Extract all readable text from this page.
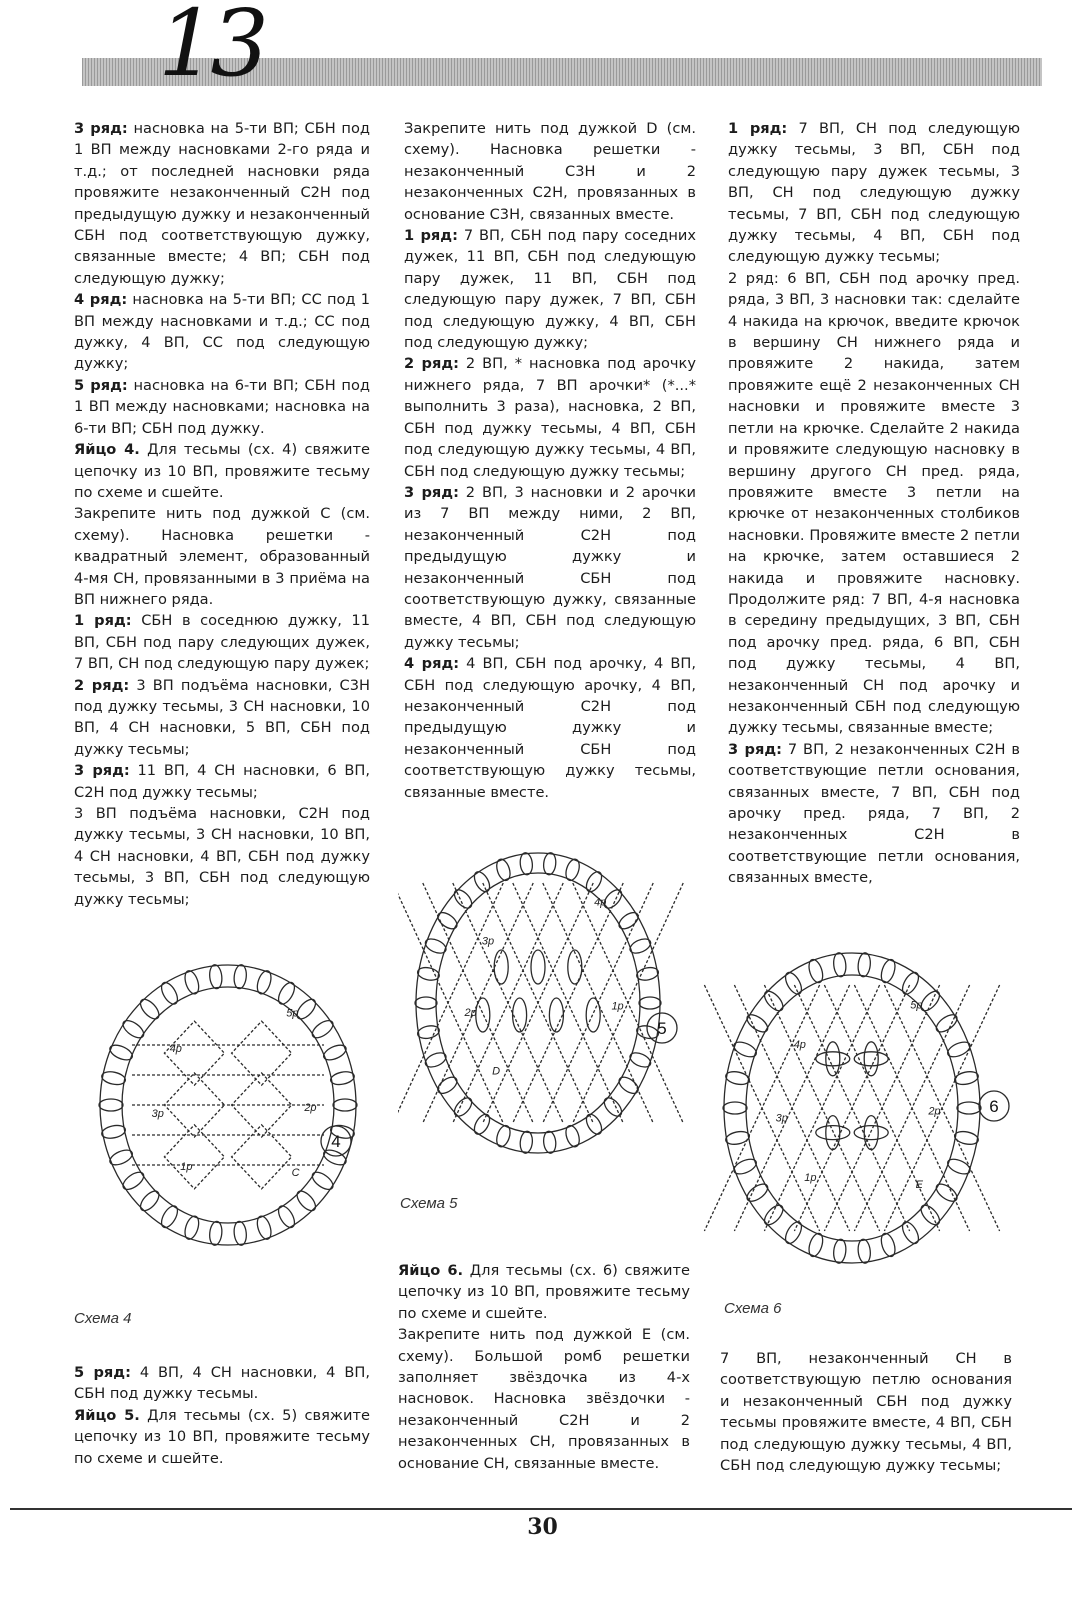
13

3 ряд: насновка на 5-ти ВП; СБН под 1 ВП между насновками 2-го ряда и т.д.; от последней насновки ряда провяжите незаконченный С2Н под предыдущую дужку и незаконченный СБН под соответствующую дужку, связанные вместе; 4 ВП; СБН под следующую дужку;

4 ряд: насновка на 5-ти ВП; СС под 1 ВП между насновками и т.д.; СС под дужку, 4 ВП, СС под следующую дужку;

5 ряд: насновка на 6-ти ВП; СБН под 1 ВП между насновками; насновка на 6-ти ВП; СБН под дужку.

Яйцо 4. Для тесьмы (сх. 4) свяжите цепочку из 10 ВП, провяжите тесьму по схеме и сшейте.

Закрепите нить под дужкой С (см. схему). Насновка решетки - квадратный элемент, образованный 4-мя СН, провязанными в 3 приёма на ВП нижнего ряда.

1 ряд: СБН в соседнюю дужку, 11 ВП, СБН под пару следующих дужек, 7 ВП, СН под следующую пару дужек;

2 ряд: 3 ВП подъёма насновки, С3Н под дужку тесьмы, 3 СН насновки, 10 ВП, 4 СН насновки, 5 ВП, СБН под дужку тесьмы;

3 ряд: 11 ВП, 4 СН насновки, 6 ВП, С2Н под дужку тесьмы;

3 ВП подъёма насновки, С2Н под дужку тесьмы, 3 СН насновки, 10 ВП, 4 СН насновки, 4 ВП, СБН под дужку тесьмы, 3 ВП, СБН под следующую дужку тесьмы;

5р
4р
3р	2р
1р	С
4
Схема 4

5 ряд: 4 ВП, 4 СН насновки, 4 ВП, СБН под дужку тесьмы.

Яйцо 5. Для тесьмы (сх. 5) свяжите цепочку из 10 ВП, провяжите тесьму по схеме и сшейте.

Закрепите нить под дужкой D (см. схему). Насновка решетки - незаконченный С3Н и 2 незаконченных С2Н, провязанных в основание С3Н, связанных вместе.

1 ряд: 7 ВП, СБН под пару соседних дужек, 11 ВП, СБН под следующую пару дужек, 11 ВП, СБН под следующую пару дужек, 7 ВП, СБН под следующую дужку, 4 ВП, СБН под следующую дужку;

2 ряд: 2 ВП, * насновка под арочку нижнего ряда, 7 ВП арочки* (*...* выполнить 3 раза), насновка, 2 ВП, СБН под дужку тесьмы, 4 ВП, СБН под следующую дужку тесьмы, 4 ВП, СБН под следующую дужку тесьмы;

3 ряд: 2 ВП, 3 насновки и 2 арочки из 7 ВП между ними, 2 ВП, незаконченный С2Н под предыдущую дужку и незаконченный СБН под соответствующую дужку, связанные вместе, 4 ВП, СБН под следующую дужку тесьмы;

4 ряд: 4 ВП, СБН под арочку, 4 ВП, СБН под следующую арочку, 4 ВП, незаконченный С2Н под предыдущую дужку и незаконченный СБН под соответствующую дужку тесьмы, связанные вместе.

4р
3р
2р
1р
D
5
Схема 5

Яйцо 6. Для тесьмы (сх. 6) свяжите цепочку из 10 ВП, провяжите тесьму по схеме и сшейте.

Закрепите нить под дужкой Е (см. схему). Большой ромб решетки заполняет звёздочка из 4-х насновок. Насновка звёздочки - незаконченный С2Н и 2 незаконченных СН, провязанных в основание СН, связанные вместе.

1 ряд: 7 ВП, СН под следующую дужку тесьмы, 3 ВП, СБН под следующую пару дужек тесьмы, 3 ВП, СН под следующую дужку тесьмы, 7 ВП, СБН под следующую дужку тесьмы, 4 ВП, СБН под следующую дужку тесьмы;

2 ряд: 6 ВП, СБН под арочку пред. ряда, 3 ВП, 3 насновки так: сделайте 4 накида на крючок, введите крючок в вершину СН нижнего ряда и провяжите 2 накида, затем провяжите ещё 2 незаконченных СН насновки и провяжите вместе 3 петли на крючке. Сделайте 2 накида и провяжите следующую насновку в вершину другого СН пред. ряда, провяжите вместе 3 петли на крючке от незаконченных столбиков насновки. Провяжите вместе 2 петли на крючке, затем оставшиеся 2 накида и провяжите насновку. Продолжите ряд: 7 ВП, 4-я насновка в середину предыдущих, 3 ВП, СБН под арочку пред. ряда, 6 ВП, СБН под дужку тесьмы, 4 ВП, незаконченный СН под арочку и незаконченный СБН под следующую дужку тесьмы, связанные вместе;

3 ряд: 7 ВП, 2 незаконченных С2Н в соответствующие петли основания, связанных вместе, 7 ВП, СБН под арочку пред. ряда, 7 ВП, 2 незаконченных С2Н в соответствующие петли основания, связанных вместе,

5р
4р
3р
2р
1р
Е
6
Схема 6

7 ВП, незаконченный СН в соответствующую петлю основания и незаконченный СБН под дужку тесьмы провяжите вместе, 4 ВП, СБН под следующую дужку тесьмы, 4 ВП, СБН под следующую дужку тесьмы;

30
